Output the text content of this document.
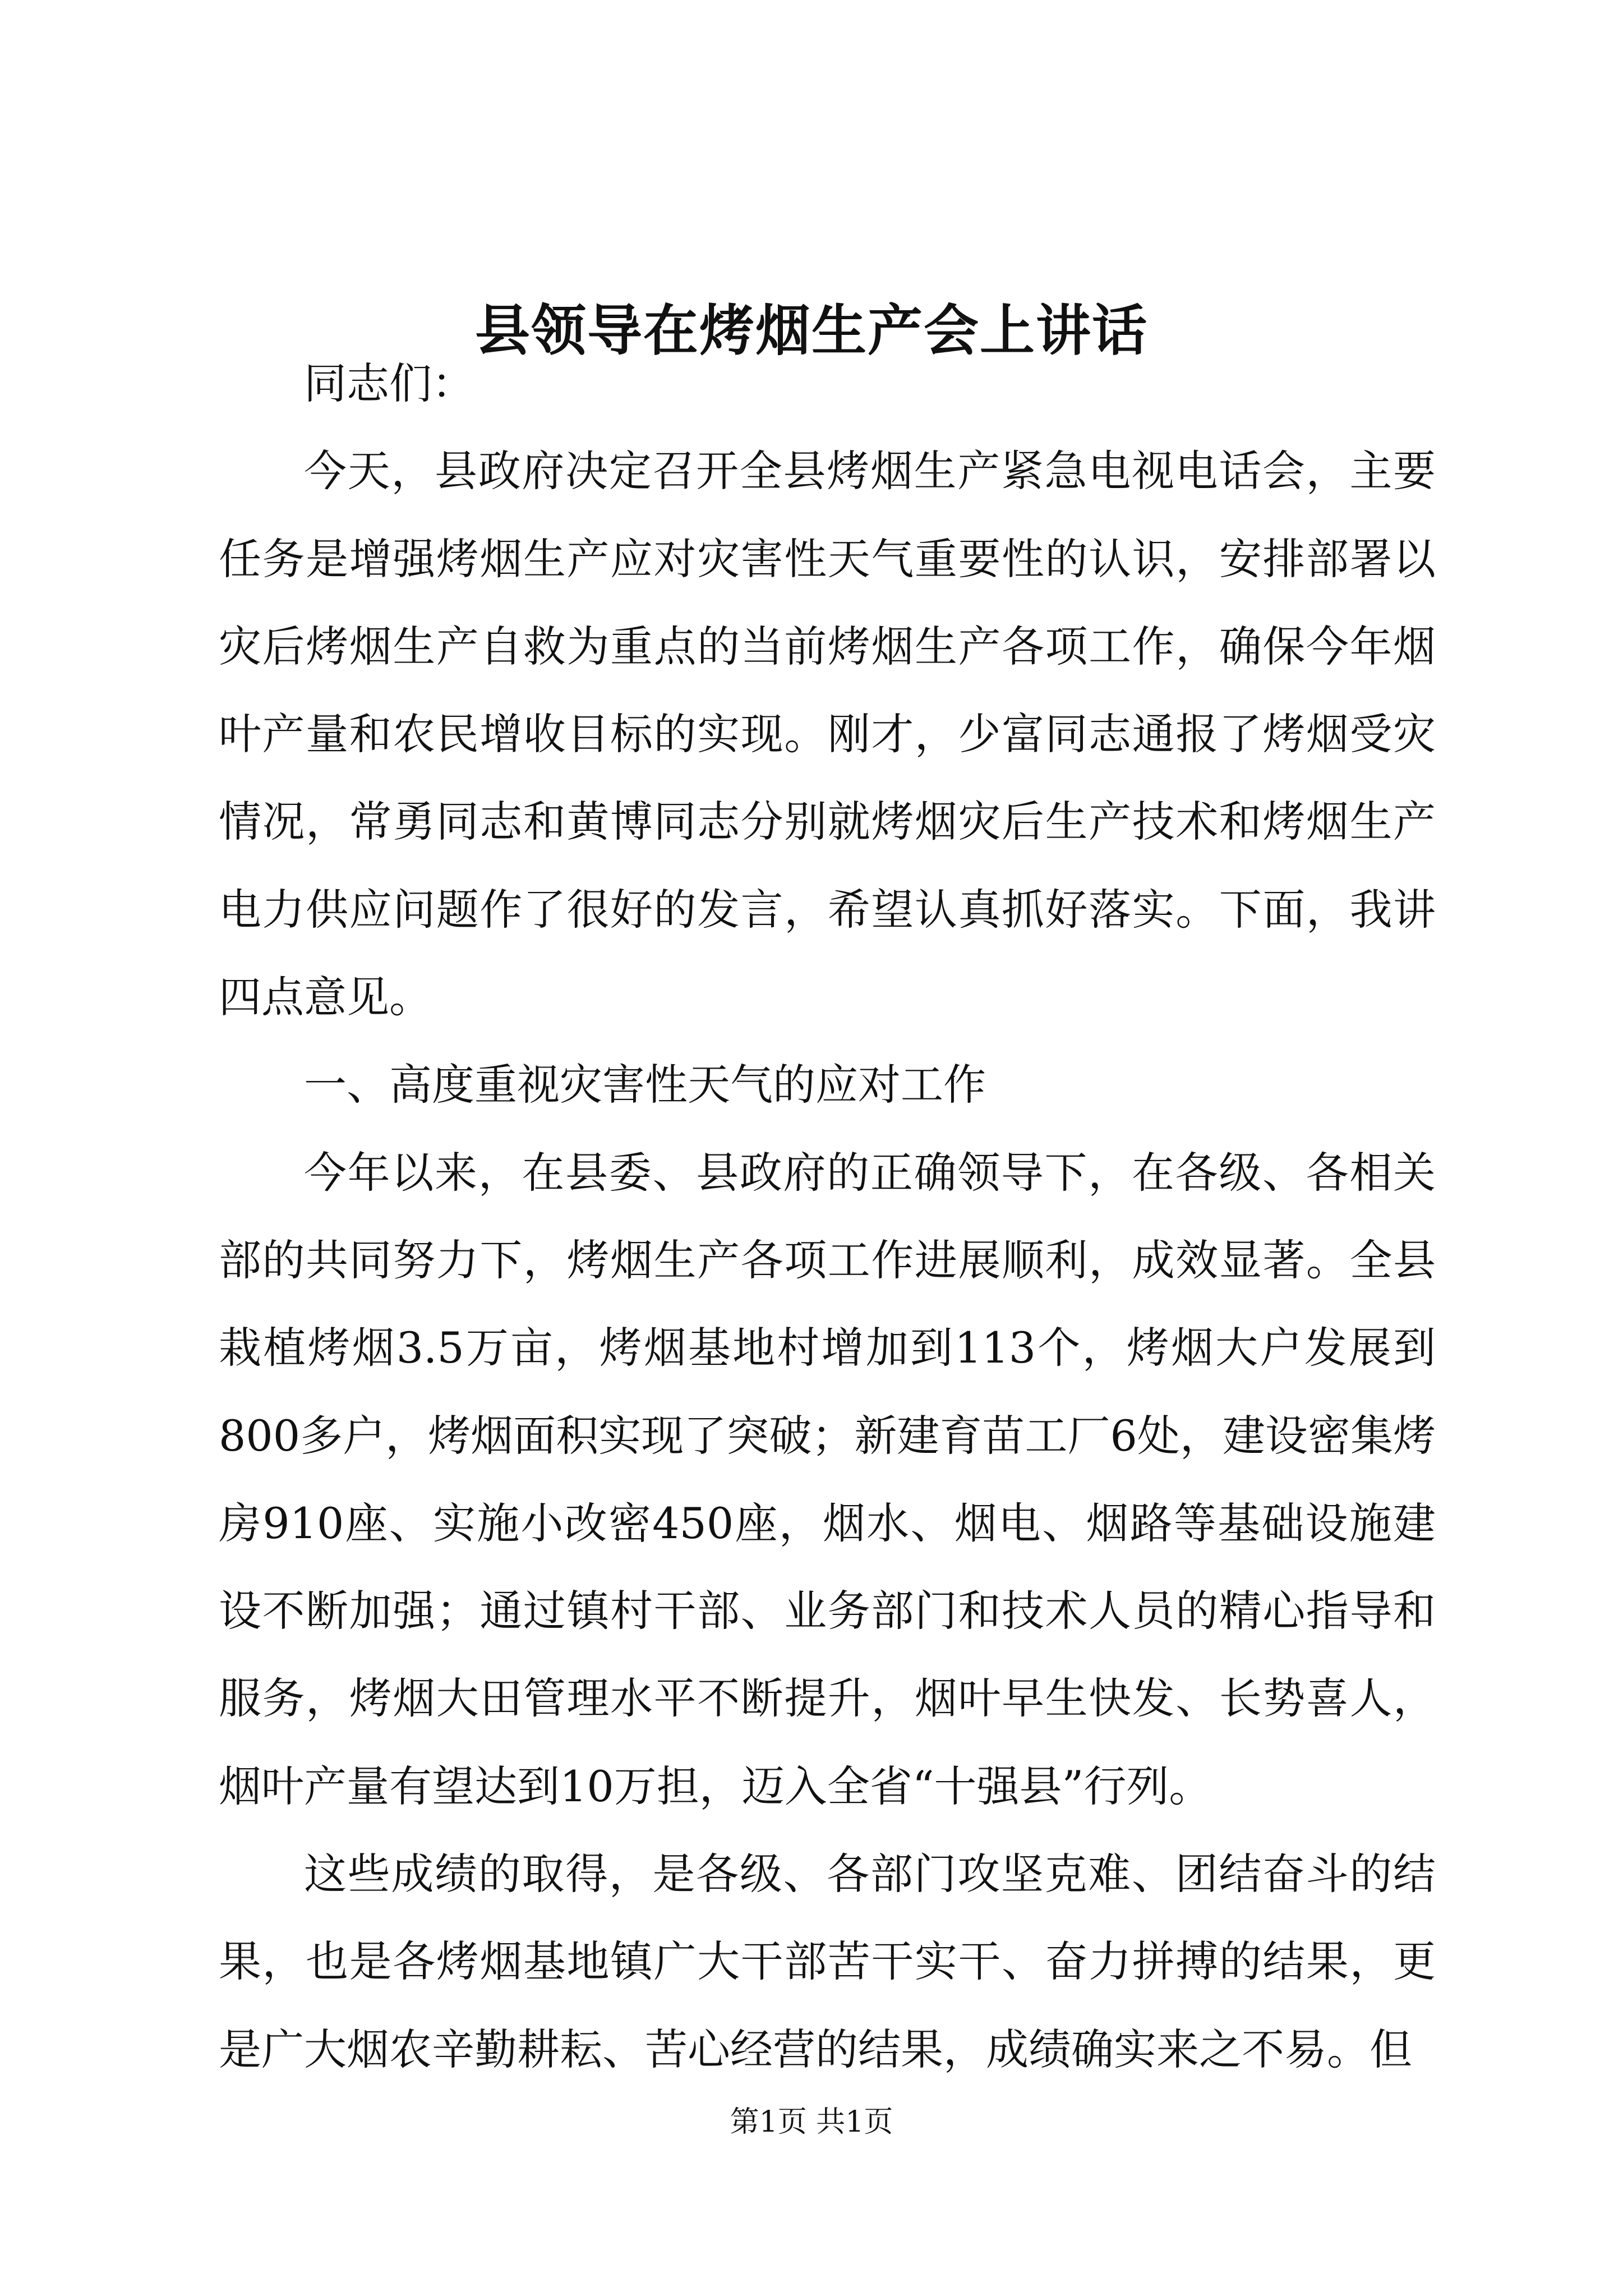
县领导在烤烟生产会上讲话

同志们：

今天，县政府决定召开全县烤烟生产紧急电视电话会，主要任务是增强烤烟生产应对灾害性天气重要性的认识，安排部署以灾后烤烟生产自救为重点的当前烤烟生产各项工作，确保今年烟叶产量和农民增收目标的实现。刚才，少富同志通报了烤烟受灾情况，常勇同志和黄博同志分别就烤烟灾后生产技术和烤烟生产电力供应问题作了很好的发言，希望认真抓好落实。下面，我讲四点意见。

一、高度重视灾害性天气的应对工作

今年以来，在县委、县政府的正确领导下，在各级、各相关部的共同努力下，烤烟生产各项工作进展顺利，成效显著。全县栽植烤烟3.5万亩，烤烟基地村增加到113个，烤烟大户发展到800多户，烤烟面积实现了突破；新建育苗工厂6处，建设密集烤房910座、实施小改密450座，烟水、烟电、烟路等基础设施建设不断加强；通过镇村干部、业务部门和技术人员的精心指导和服务，烤烟大田管理水平不断提升，烟叶早生快发、长势喜人，烟叶产量有望达到10万担，迈入全省“十强县”行列。

这些成绩的取得，是各级、各部门攻坚克难、团结奋斗的结果，也是各烤烟基地镇广大干部苦干实干、奋力拼搏的结果，更是广大烟农辛勤耕耘、苦心经营的结果，成绩确实来之不易。但

第1页 共1页
